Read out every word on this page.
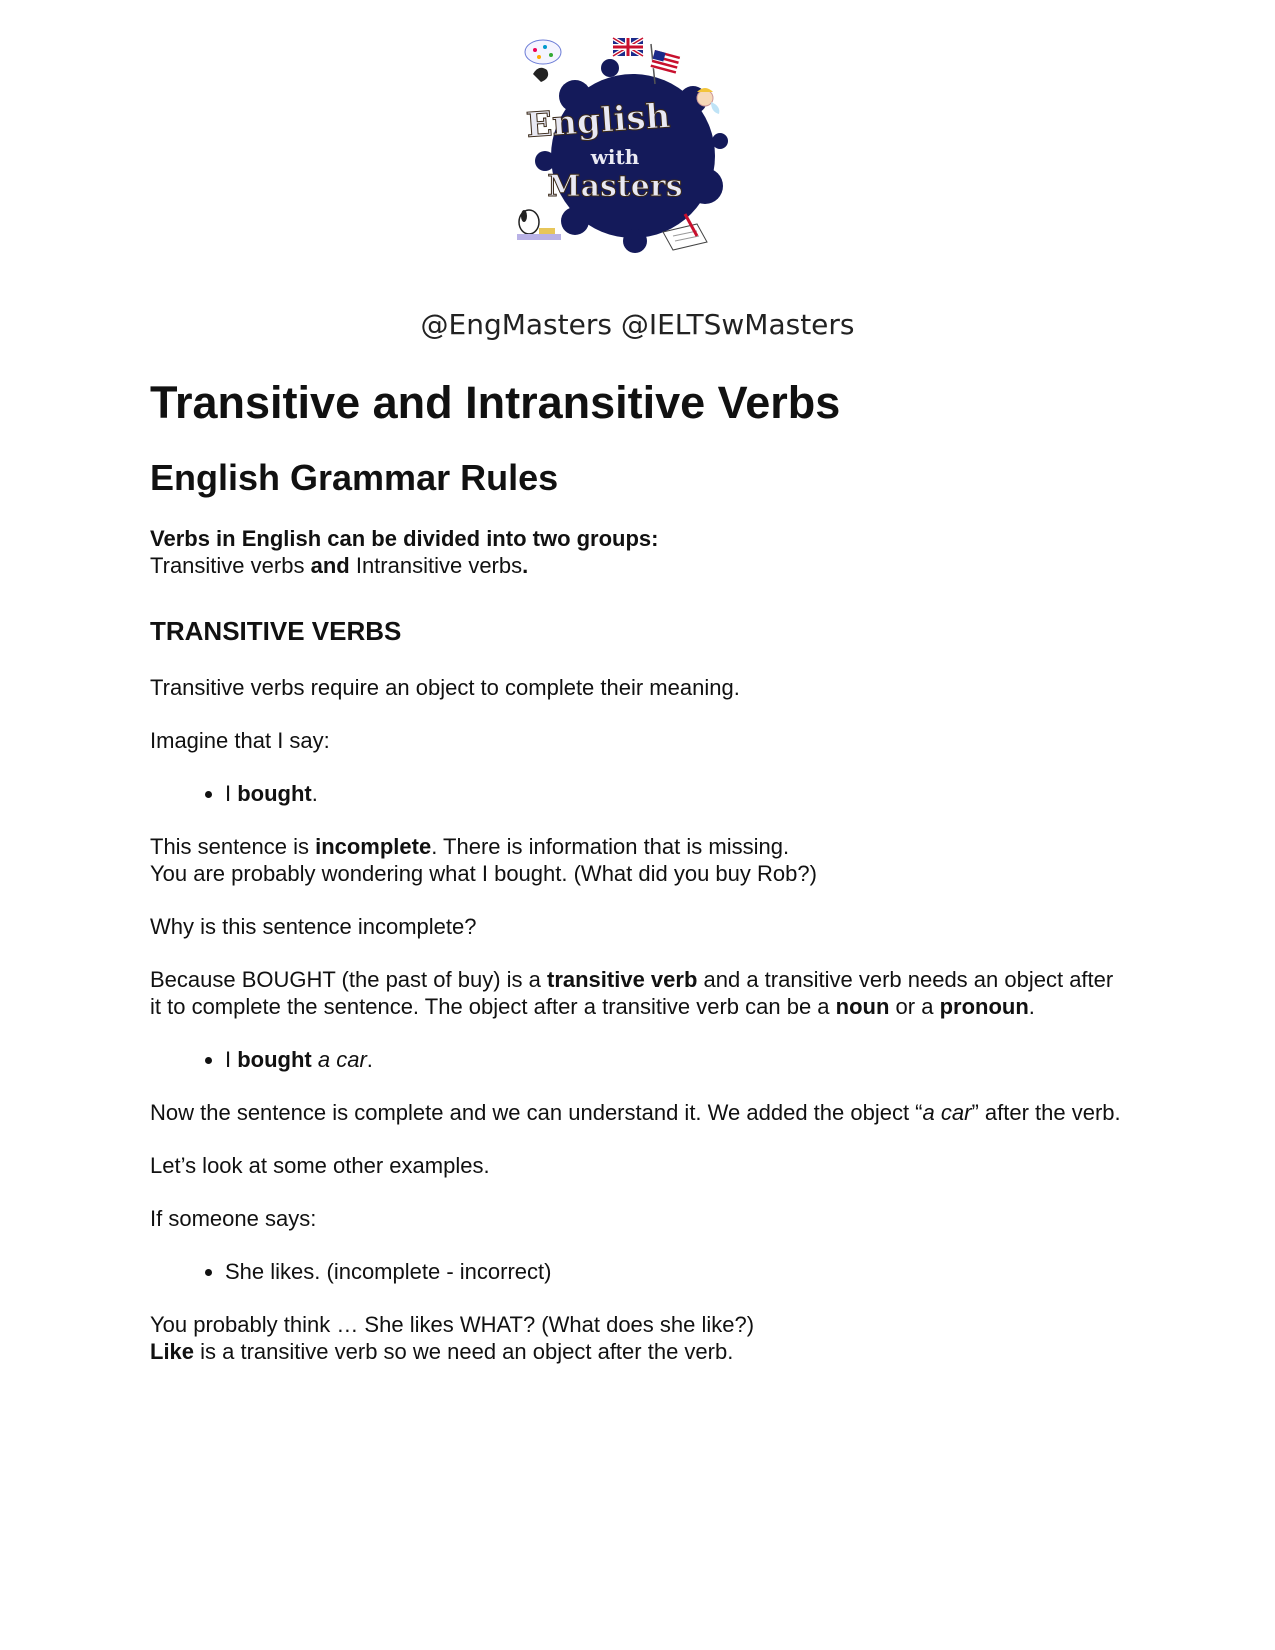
English
with
Masters
@EngMasters @IELTSwMasters
Transitive and Intransitive Verbs
English Grammar Rules

Verbs in English can be divided into two groups:
Transitive verbs and Intransitive verbs.

TRANSITIVE VERBS

Transitive verbs require an object to complete their meaning.

Imagine that I say:

• I bought.

This sentence is incomplete. There is information that is missing.
You are probably wondering what I bought. (What did you buy Rob?)

Why is this sentence incomplete?

Because BOUGHT (the past of buy) is a transitive verb and a transitive verb needs an object after it to complete the sentence. The object after a transitive verb can be a noun or a pronoun.

• I bought a car.

Now the sentence is complete and we can understand it. We added the object “a car” after the verb.

Let’s look at some other examples.

If someone says:

• She likes. (incomplete - incorrect)

You probably think … She likes WHAT? (What does she like?)
Like is a transitive verb so we need an object after the verb.
